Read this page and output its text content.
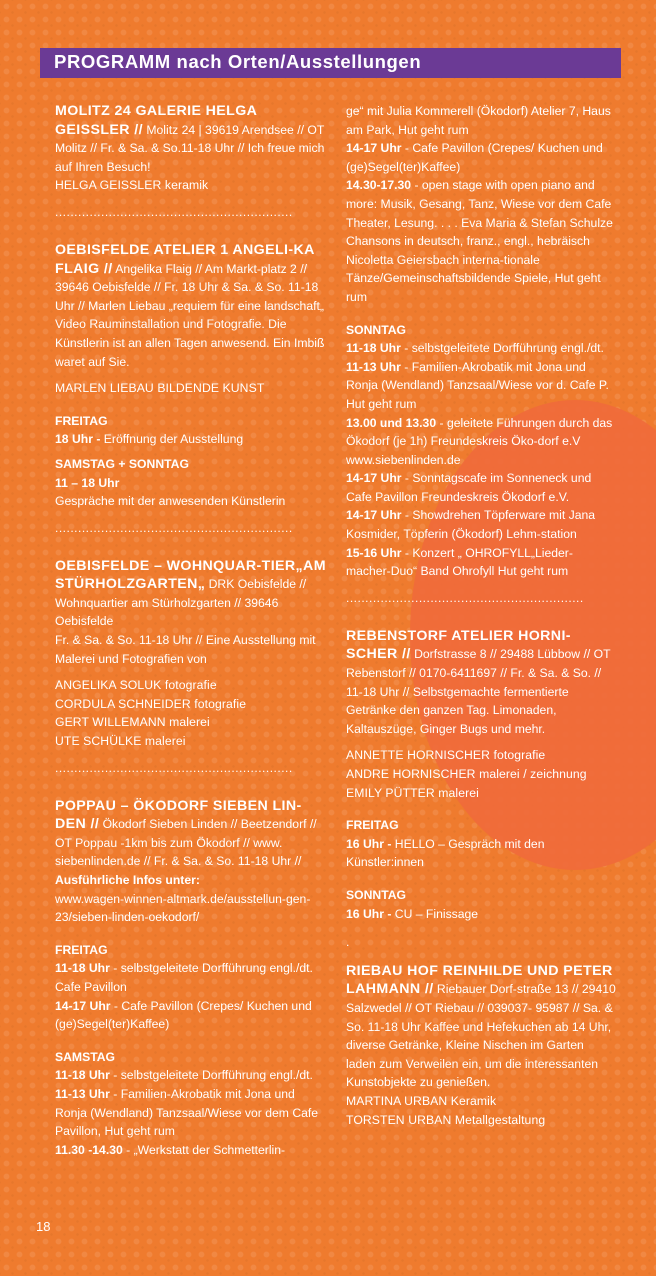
PROGRAMM nach Orten/Ausstellungen
MOLITZ 24 GALERIE HELGA GEISSLER // Molitz 24 | 39619 Arendsee // OT Molitz // Fr. & Sa. & So.11-18 Uhr // Ich freue mich auf Ihren Besuch!
HELGA GEISSLER keramik
..............................................................
OEBISFELDE ATELIER 1 ANGELI-KA FLAIG // Angelika Flaig // Am Markt-platz 2 // 39646 Oebisfelde // Fr. 18 Uhr & Sa. & So. 11-18 Uhr // Marlen Liebau „requiem für eine landschaft„ Video Rauminstallation und Fotografie. Die Künstlerin ist an allen Tagen anwesend. Ein Imbiß waret auf Sie.
MARLEN LIEBAU BILDENDE KUNST
FREITAG
18 Uhr - Eröffnung der Ausstellung
SAMSTAG + SONNTAG
11 – 18 Uhr
Gespräche mit der anwesenden Künstlerin
..............................................................
OEBISFELDE – WOHNQUAR-TIER„AM STÜRHOLZGARTEN„ DRK Oebisfelde // Wohnquartier am Stürholzgarten // 39646 Oebisfelde
Fr. & Sa. & So. 11-18 Uhr // Eine Ausstellung mit Malerei und Fotografien von
ANGELIKA SOLUK fotografie
CORDULA SCHNEIDER fotografie
GERT WILLEMANN malerei
UTE SCHÜLKE malerei
..............................................................
POPPAU – ÖKODORF SIEBEN LIN-DEN // Ökodorf Sieben Linden // Beetzendorf // OT Poppau -1km bis zum Ökodorf // www. siebenlinden.de // Fr. & Sa. & So. 11-18 Uhr // Ausführliche Infos unter:
www.wagen-winnen-altmark.de/ausstellun-gen-23/sieben-linden-oekodorf/
FREITAG
11-18 Uhr - selbstgeleitete Dorfführung engl./dt. Cafe Pavillon
14-17 Uhr - Cafe Pavillon (Crepes/ Kuchen und (ge)Segel(ter)Kaffee)
SAMSTAG
11-18 Uhr - selbstgeleitete Dorfführung engl./dt.
11-13 Uhr - Familien-Akrobatik mit Jona und Ronja (Wendland) Tanzsaal/Wiese vor dem Cafe Pavillon, Hut geht rum
11.30 -14.30 - „Werkstatt der Schmetterlin-
ge“ mit Julia Kommerell (Ökodorf) Atelier 7, Haus am Park, Hut geht rum
14-17 Uhr - Cafe Pavillon (Crepes/ Kuchen und (ge)Segel(ter)Kaffee)
14.30-17.30 - open stage with open piano and more: Musik, Gesang, Tanz, Wiese vor dem Cafe Theater, Lesung. . . . Eva Maria & Stefan Schulze Chansons in deutsch, franz., engl., hebräisch Nicoletta Geiersbach interna-tionale Tänze/Gemeinschaftsbildende Spiele, Hut geht rum
SONNTAG
11-18 Uhr - selbstgeleitete Dorfführung engl./dt.
11-13 Uhr - Familien-Akrobatik mit Jona und Ronja (Wendland) Tanzsaal/Wiese vor d. Cafe P. Hut geht rum
13.00 und 13.30 - geleitete Führungen durch das Ökodorf (je 1h) Freundeskreis Öko-dorf e.V www.siebenlinden.de
14-17 Uhr - Sonntagscafe im Sonneneck und Cafe Pavillon Freundeskreis Ökodorf e.V.
14-17 Uhr - Showdrehen Töpferware mit Jana Kosmider, Töpferin (Ökodorf) Lehm-station
15-16 Uhr - Konzert „ OHROFYLL„Lieder-macher-Duo“ Band Ohrofyll Hut geht rum
..............................................................
REBENSTORF ATELIER HORNI-SCHER // Dorfstrasse 8 // 29488 Lübbow // OT Rebenstorf // 0170-6411697 // Fr. & Sa. & So. // 11-18 Uhr // Selbstgemachte fermentierte Getränke den ganzen Tag. Limonaden, Kaltauszüge, Ginger Bugs und mehr.
ANNETTE HORNISCHER fotografie
ANDRE HORNISCHER malerei / zeichnung
EMILY PÜTTER malerei
FREITAG
16 Uhr - HELLO – Gespräch mit den Künstler:innen
SONNTAG
16 Uhr - CU – Finissage
.
RIEBAU HOF REINHILDE UND PETER LAHMANN // Riebauer Dorf-straße 13 // 29410 Salzwedel // OT Riebau // 039037- 95987 // Sa. & So. 11-18 Uhr Kaffee und Hefekuchen ab 14 Uhr, diverse Getränke, Kleine Nischen im Garten laden zum Verweilen ein, um die interessanten Kunstobjekte zu genießen.
MARTINA URBAN Keramik
TORSTEN URBAN Metallgestaltung
18
